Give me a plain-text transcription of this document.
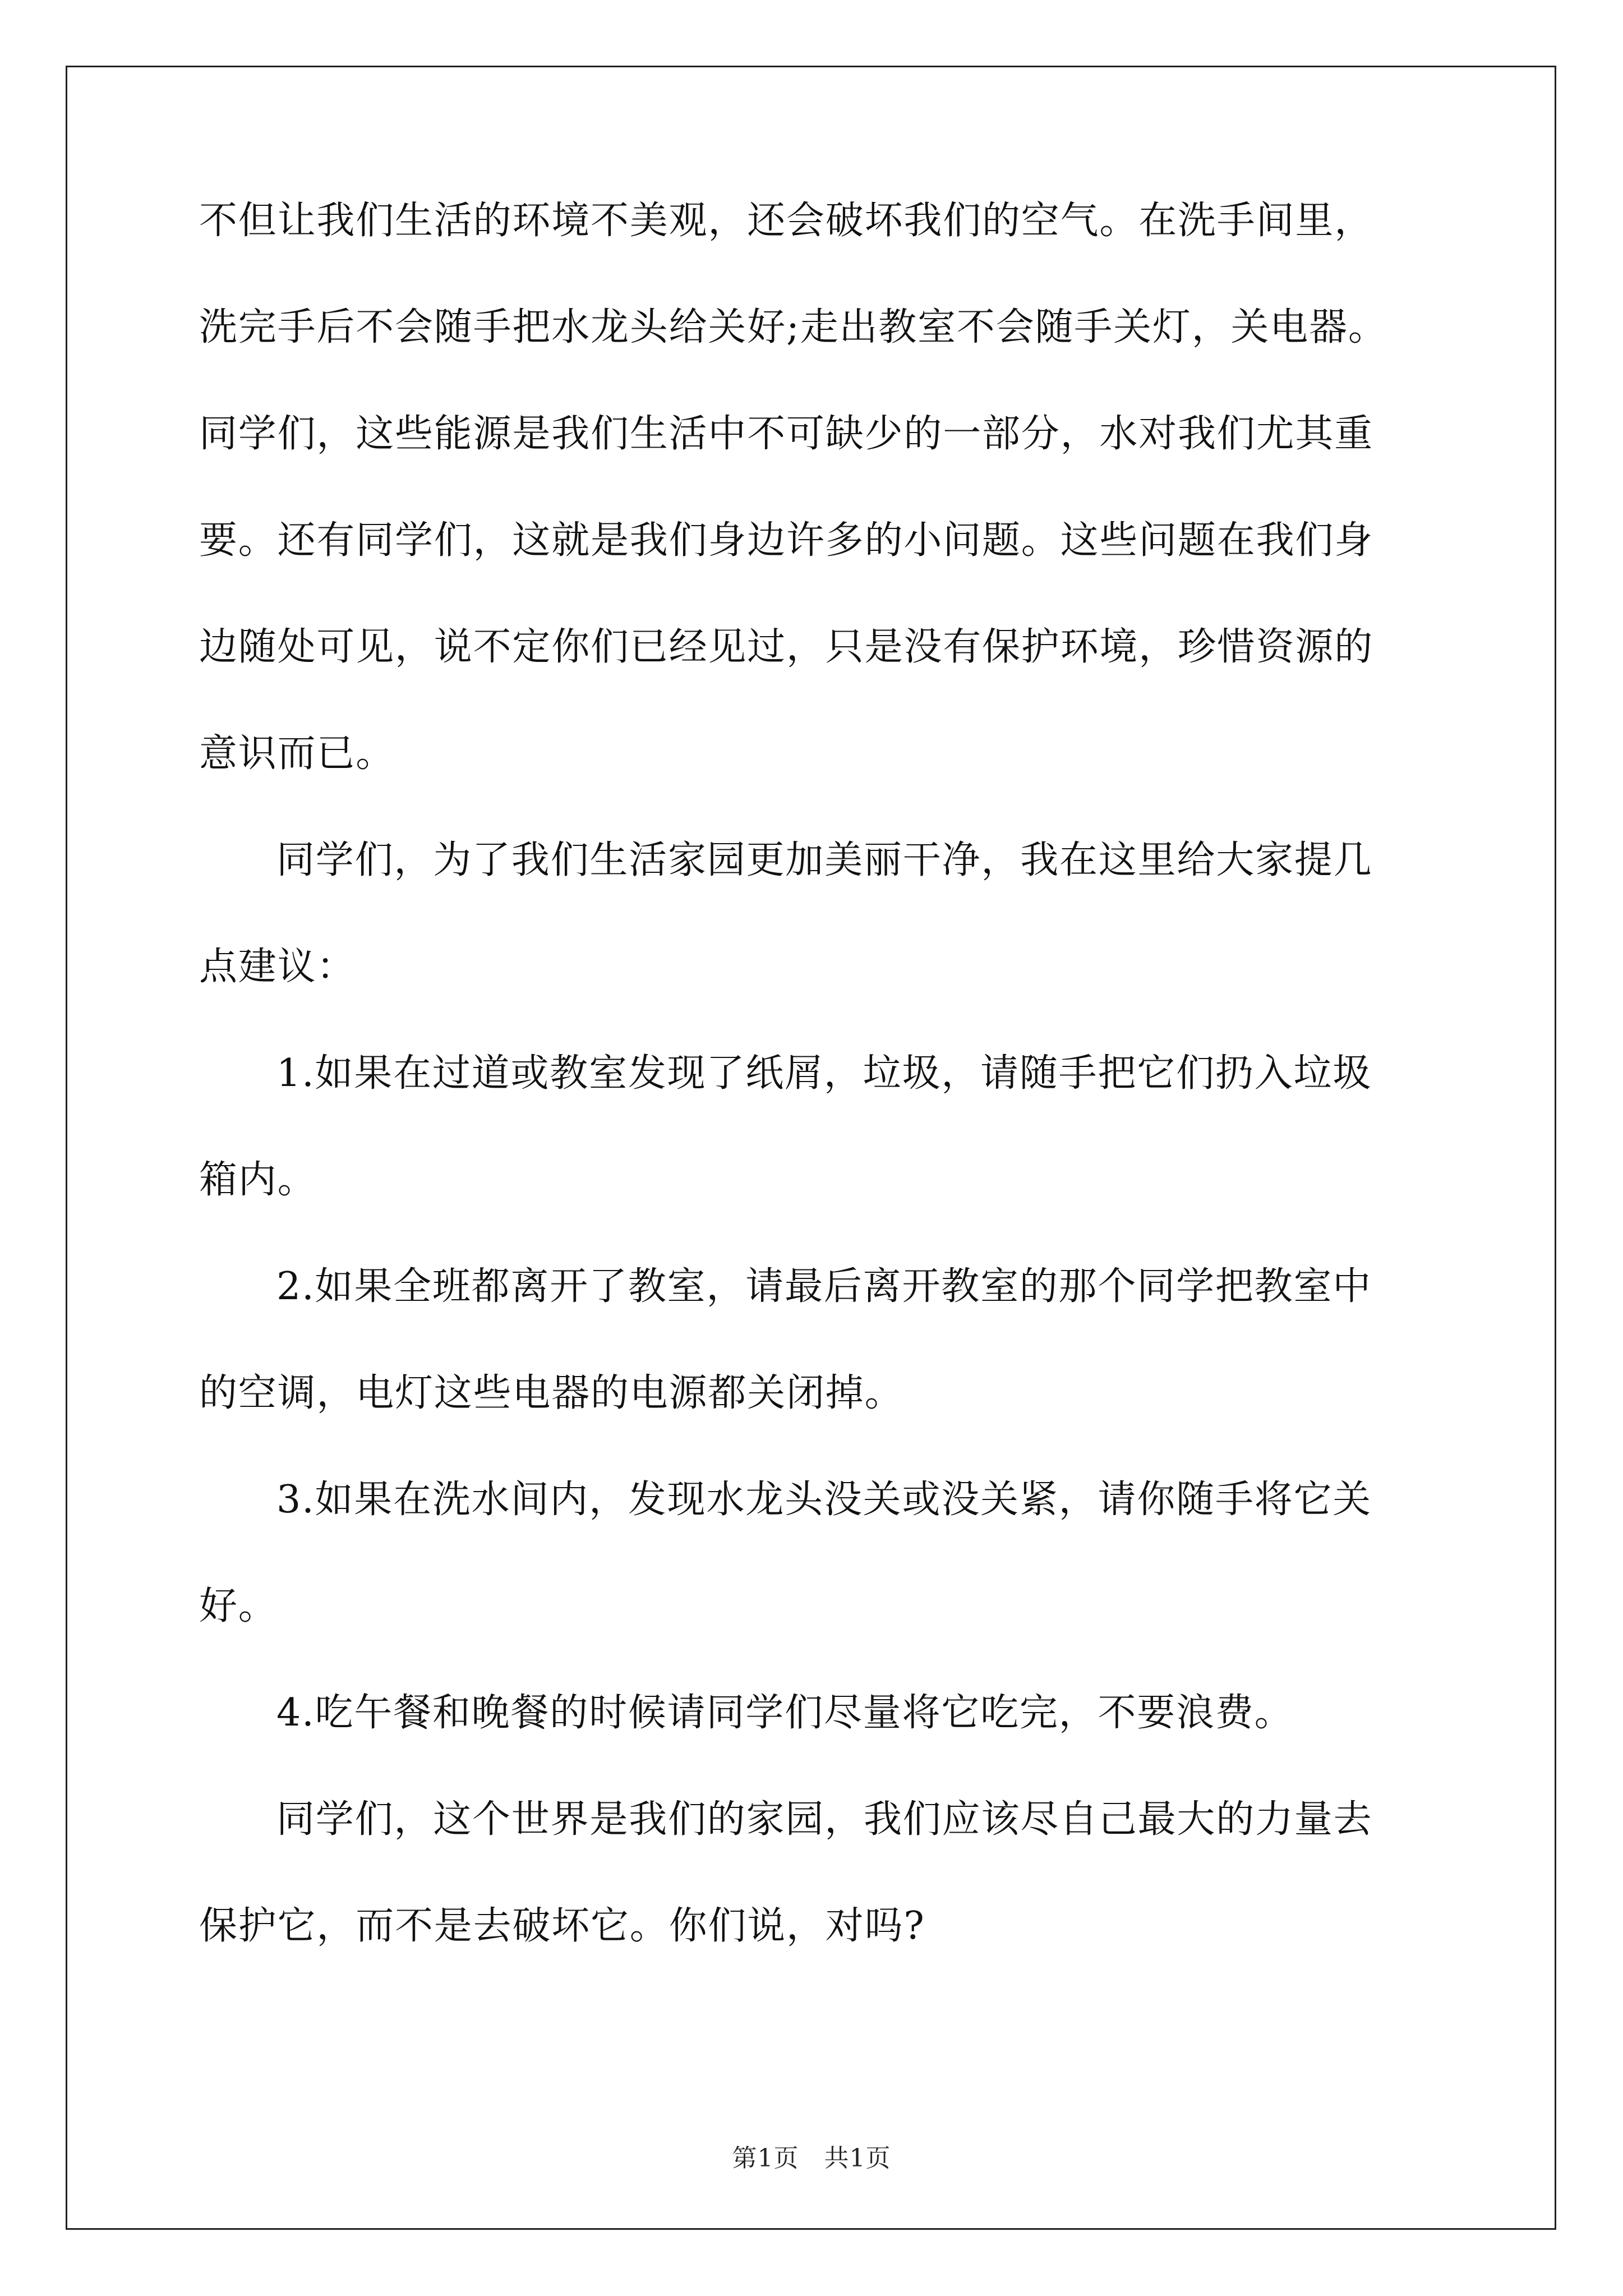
不但让我们生活的环境不美观，还会破坏我们的空气。在洗手间里，
洗完手后不会随手把水龙头给关好;走出教室不会随手关灯，关电器。
同学们，这些能源是我们生活中不可缺少的一部分，水对我们尤其重
要。还有同学们，这就是我们身边许多的小问题。这些问题在我们身
边随处可见，说不定你们已经见过，只是没有保护环境，珍惜资源的
意识而已。
同学们，为了我们生活家园更加美丽干净，我在这里给大家提几
点建议：
1.如果在过道或教室发现了纸屑，垃圾，请随手把它们扔入垃圾
箱内。
2.如果全班都离开了教室，请最后离开教室的那个同学把教室中
的空调，电灯这些电器的电源都关闭掉。
3.如果在洗水间内，发现水龙头没关或没关紧，请你随手将它关
好。
4.吃午餐和晚餐的时候请同学们尽量将它吃完，不要浪费。
同学们，这个世界是我们的家园，我们应该尽自己最大的力量去
保护它，而不是去破坏它。你们说，对吗?
第1页　共1页
